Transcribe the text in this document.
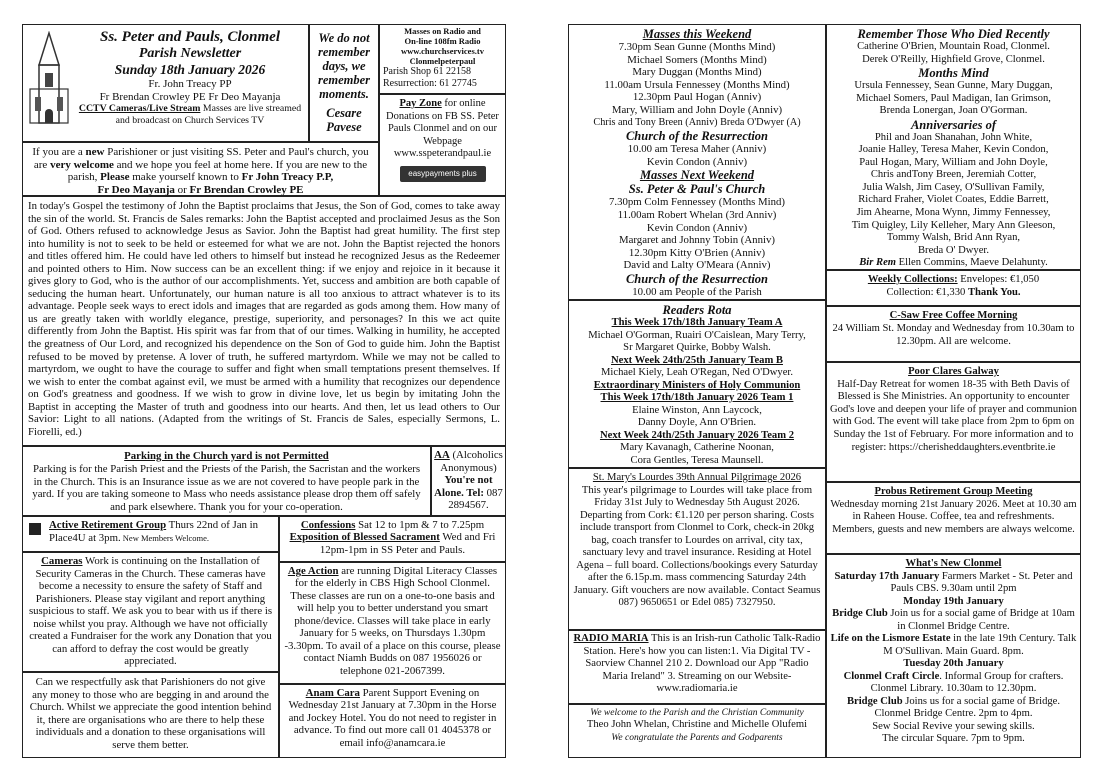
Ss. Peter and Pauls, Clonmel
Parish Newsletter
Sunday 18th January 2026
Fr. John Treacy PP
Fr Brendan Crowley PE Fr Deo Mayanja
CCTV Cameras/Live Stream Masses are live streamed and broadcast on Church Services TV
We do not
remember
days, we
remember
moments.
Cesare
Pavese
Masses on Radio and
On-line 108fm Radio
www.churchservices.tv
Clonmelpeterpaul
Parish Shop 61 22158
Resurrection: 61 27745
Pay Zone for online Donations on FB SS. Peter Pauls Clonmel and on our Webpage
www.sspeterandpaul.ie
easypayments plus
If you are a new Parishioner or just visiting SS. Peter and Paul's church, you are very welcome and we hope you feel at home here. If you are new to the parish, Please make yourself known to Fr John Treacy P.P,
Fr Deo Mayanja or Fr Brendan Crowley PE
In today's Gospel the testimony of John the Baptist proclaims that Jesus, the Son of God, comes to take away the sin of the world. St. Francis de Sales remarks: John the Baptist accepted and proclaimed Jesus as the Son of God. Others refused to acknowledge Jesus as Savior. John the Baptist had great humility. The first step into humility is not to seek to be held or esteemed for what we are not. John the Baptist rejected the honors and titles offered him. He could have led others to himself but instead he recognized Jesus as the Redeemer and pointed others to Him. Now success can be an excellent thing: if we enjoy and rejoice in it because it gives glory to God, who is the author of our accomplishments. Yet, success and ambition are both capable of seducing the human heart. Unfortunately, our human nature is all too anxious to attract whatever is to its advantage. People seek ways to erect idols and images that are regarded as gods among them. How many of us are greatly taken with worldly elegance, prestige, superiority, and personages? In this we act quite differently from John the Baptist. His spirit was far from that of our times. Walking in humility, he accepted the greatness of Our Lord, and recognized his dependence on the Son of God to guide him. John the Baptist refused to be moved by pretense. A lover of truth, he suffered martyrdom. While we may not be called to martyrdom, we ought to have the courage to suffer and fight when small temptations present themselves. If we wish to enter the combat against evil, we must be armed with a humility that recognizes our dependence on God's greatness and goodness. If we wish to grow in divine love, let us begin by imitating John the Baptist in accepting the Master of truth and goodness into our hearts. And then, let us lead others to Our Savior: Light to all nations. (Adapted from the writings of St. Francis de Sales, especially Sermons, L. Fiorelli, ed.)
Parking in the Church yard is not Permitted
Parking is for the Parish Priest and the Priests of the Parish, the Sacristan and the workers in the Church. This is an Insurance issue as we are not covered to have people park in the yard. If you are taking someone to Mass who needs assistance please drop them off safely and park elsewhere. Thank you for your co-operation.
AA (Alcoholics Anonymous) You're not Alone. Tel: 087 2894567.
Active Retirement Group Thurs 22nd of Jan in Place4U at 3pm. New Members Welcome.
Confessions Sat 12 to 1pm & 7 to 7.25pm
Exposition of Blessed Sacrament Wed and Fri 12pm-1pm in SS Peter and Pauls.
Cameras Work is continuing on the Installation of Security Cameras in the Church. These cameras have become a necessity to ensure the safety of Staff and Parishioners. Please stay vigilant and report anything suspicious to staff. We ask you to bear with us if there is noise whilst you pray. Although we have not officially created a Fundraiser for the work any Donation that you can afford to defray the cost would be greatly appreciated.
Age Action are running Digital Literacy Classes for the elderly in CBS High School Clonmel. These classes are run on a one-to-one basis and will help you to better understand you smart phone/device. Classes will take place in early January for 5 weeks, on Thursdays 1.30pm -3.30pm. To avail of a place on this course, please contact Niamh Budds on 087 1956026 or telephone 021-2067399.
Can we respectfully ask that Parishioners do not give any money to those who are begging in and around the Church. Whilst we appreciate the good intention behind it, there are organisations who are there to help these individuals and a donation to these organisations will serve them better.
Anam Cara Parent Support Evening on Wednesday 21st January at 7.30pm in the Horse and Jockey Hotel. You do not need to register in advance. To find out more call 01 4045378 or email info@anamcara.ie
Masses this Weekend
7.30pm Sean Gunne (Months Mind)
Michael Somers (Months Mind)
Mary Duggan (Months Mind)
11.00am Ursula Fennessey (Months Mind)
12.30pm Paul Hogan (Anniv)
Mary, William and John Doyle (Anniv)
Chris and Tony Breen (Anniv) Breda O'Dwyer (A)
Church of the Resurrection
10.00 am Teresa Maher (Anniv)
Kevin Condon (Anniv)
Masses Next Weekend
Ss. Peter & Paul's Church
7.30pm Colm Fennessey (Months Mind)
11.00am Robert Whelan (3rd Anniv)
Kevin Condon (Anniv)
Margaret and Johnny Tobin (Anniv)
12.30pm Kitty O'Brien (Anniv)
David and Lalty O'Meara (Anniv)
Church of the Resurrection
10.00 am People of the Parish
Readers Rota
This Week 17th/18th January Team A
Michael O'Gorman, Ruairi O'Caislean, Mary Terry,
Sr Margaret Quirke, Bobby Walsh.
Next Week 24th/25th January Team B
Michael Kiely, Leah O'Regan, Ned O'Dwyer.
Extraordinary Ministers of Holy Communion
This Week 17th/18th January 2026 Team 1
Elaine Winston, Ann Laycock,
Danny Doyle, Ann O'Brien.
Next Week 24th/25th January 2026 Team 2
Mary Kavanagh, Catherine Noonan,
Cora Gentles, Teresa Maunsell.
St. Mary's Lourdes 39th Annual Pilgrimage 2026
This year's pilgrimage to Lourdes will take place from Friday 31st July to Wednesday 5th August 2026. Departing from Cork: €1.120 per person sharing. Costs include transport from Clonmel to Cork, check-in 20kg bag, coach transfer to Lourdes on arrival, city tax, sanctuary levy and travel insurance. Residing at Hotel Agena – full board. Collections/bookings every Saturday after the 6.15p.m. mass commencing Saturday 24th January. Gift vouchers are now available. Contact Seamus 087) 9650651 or Edel 085) 7327950.
RADIO MARIA This is an Irish-run Catholic Talk-Radio Station. Here's how you can listen:1. Via Digital TV - Saorview Channel 210 2. Download our App "Radio Maria Ireland" 3. Streaming on our Website- www.radiomaria.ie
We welcome to the Parish and the Christian Community
Theo John Whelan, Christine and Michelle Olufemi
We congratulate the Parents and Godparents
Remember Those Who Died Recently
Catherine O'Brien, Mountain Road, Clonmel.
Derek O'Reilly, Highfield Grove, Clonmel.
Months Mind
Ursula Fennessey, Sean Gunne, Mary Duggan,
Michael Somers, Paul Madigan, Ian Grimson,
Brenda Lonergan, Joan O'Gorman.
Anniversaries of
Phil and Joan Shanahan, John White,
Joanie Halley, Teresa Maher, Kevin Condon,
Paul Hogan, Mary, William and John Doyle,
Chris andTony Breen, Jeremiah Cotter,
Julia Walsh, Jim Casey, O'Sullivan Family,
Richard Fraher, Violet Coates, Eddie Barrett,
Jim Ahearne, Mona Wynn, Jimmy Fennessey,
Tim Quigley, Lily Kelleher, Mary Ann Gleeson,
Tommy Walsh, Brid Ann Ryan,
Breda O' Dwyer.
Bir Rem Ellen Commins, Maeve Delahunty.
Weekly Collections: Envelopes: €1,050
Collection: €1,330 Thank You.
C-Saw Free Coffee Morning
24 William St. Monday and Wednesday from 10.30am to 12.30pm. All are welcome.
Poor Clares Galway
Half-Day Retreat for women 18-35 with Beth Davis of Blessed is She Ministries. An opportunity to encounter God's love and deepen your life of prayer and communion with God. The event will take place from 2pm to 6pm on Sunday the 1st of February. For more information and to register: https://cherisheddaughters.eventbrite.ie
Probus Retirement Group Meeting
Wednesday morning 21st January 2026. Meet at 10.30 am in Raheen House. Coffee, tea and refreshments. Members, guests and new members are always welcome.
What's New Clonmel
Saturday 17th January Farmers Market - St. Peter and Pauls CBS. 9.30am until 2pm
Monday 19th January
Bridge Club Join us for a social game of Bridge at 10am in Clonmel Bridge Centre.
Life on the Lismore Estate in the late 19th Century. Talk M O'Sullivan. Main Guard. 8pm.
Tuesday 20th January
Clonmel Craft Circle. Informal Group for crafters. Clonmel Library. 10.30am to 12.30pm.
Bridge Club Joins us for a social game of Bridge. Clonmel Bridge Centre. 2pm to 4pm.
Sew Social Revive your sewing skills.
The circular Square. 7pm to 9pm.
